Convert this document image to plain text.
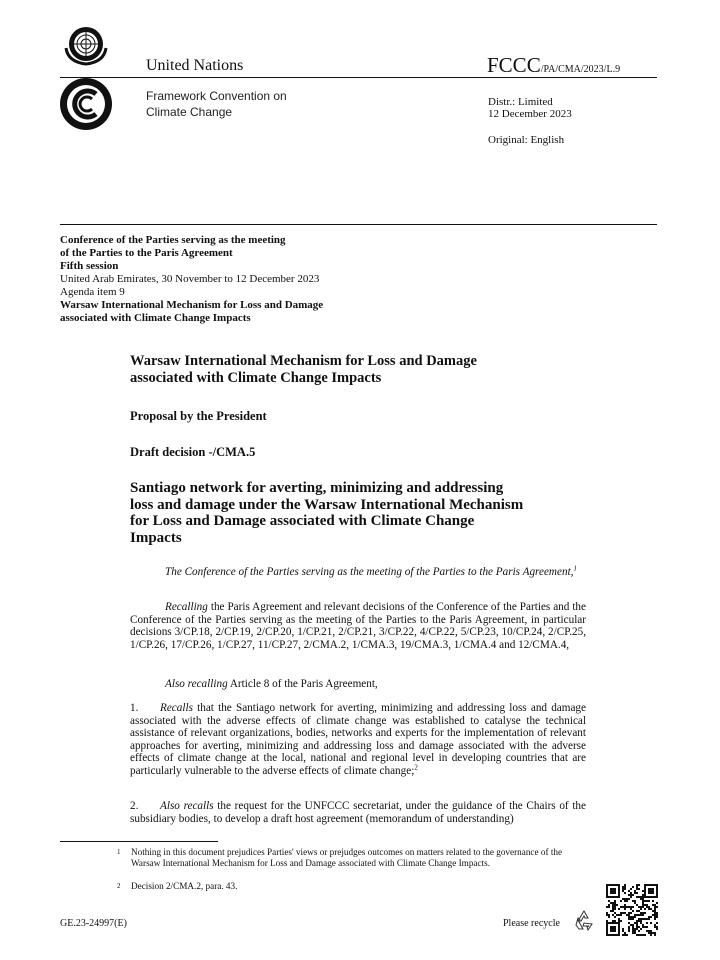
United Nations
Framework Convention on
Climate Change
FCCC/PA/CMA/2023/L.9
Distr.: Limited
12 December 2023
Original: English
Conference of the Parties serving as the meeting
of the Parties to the Paris Agreement
Fifth session
United Arab Emirates, 30 November to 12 December 2023
Agenda item 9
Warsaw International Mechanism for Loss and Damage
associated with Climate Change Impacts
Warsaw International Mechanism for Loss and Damage
associated with Climate Change Impacts
Proposal by the President
Draft decision -/CMA.5
Santiago network for averting, minimizing and addressing
loss and damage under the Warsaw International Mechanism
for Loss and Damage associated with Climate Change
Impacts
The Conference of the Parties serving as the meeting of the Parties to the Paris Agreement,$^1$
Recalling the Paris Agreement and relevant decisions of the Conference of the Parties and the Conference of the Parties serving as the meeting of the Parties to the Paris Agreement, in particular decisions 3/CP.18, 2/CP.19, 2/CP.20, 1/CP.21, 2/CP.21, 3/CP.22, 4/CP.22, 5/CP.23, 10/CP.24, 2/CP.25, 1/CP.26, 17/CP.26, 1/CP.27, 11/CP.27, 2/CMA.2, 1/CMA.3, 19/CMA.3, 1/CMA.4 and 12/CMA.4,
Also recalling Article 8 of the Paris Agreement,
1. Recalls that the Santiago network for averting, minimizing and addressing loss and damage associated with the adverse effects of climate change was established to catalyse the technical assistance of relevant organizations, bodies, networks and experts for the implementation of relevant approaches for averting, minimizing and addressing loss and damage associated with the adverse effects of climate change at the local, national and regional level in developing countries that are particularly vulnerable to the adverse effects of climate change;$^2$
2. Also recalls the request for the UNFCCC secretariat, under the guidance of the Chairs of the subsidiary bodies, to develop a draft host agreement (memorandum of understanding)
1 Nothing in this document prejudices Parties' views or prejudges outcomes on matters related to the governance of the Warsaw International Mechanism for Loss and Damage associated with Climate Change Impacts.
2 Decision 2/CMA.2, para. 43.
GE.23-24997(E)	Please recycle
